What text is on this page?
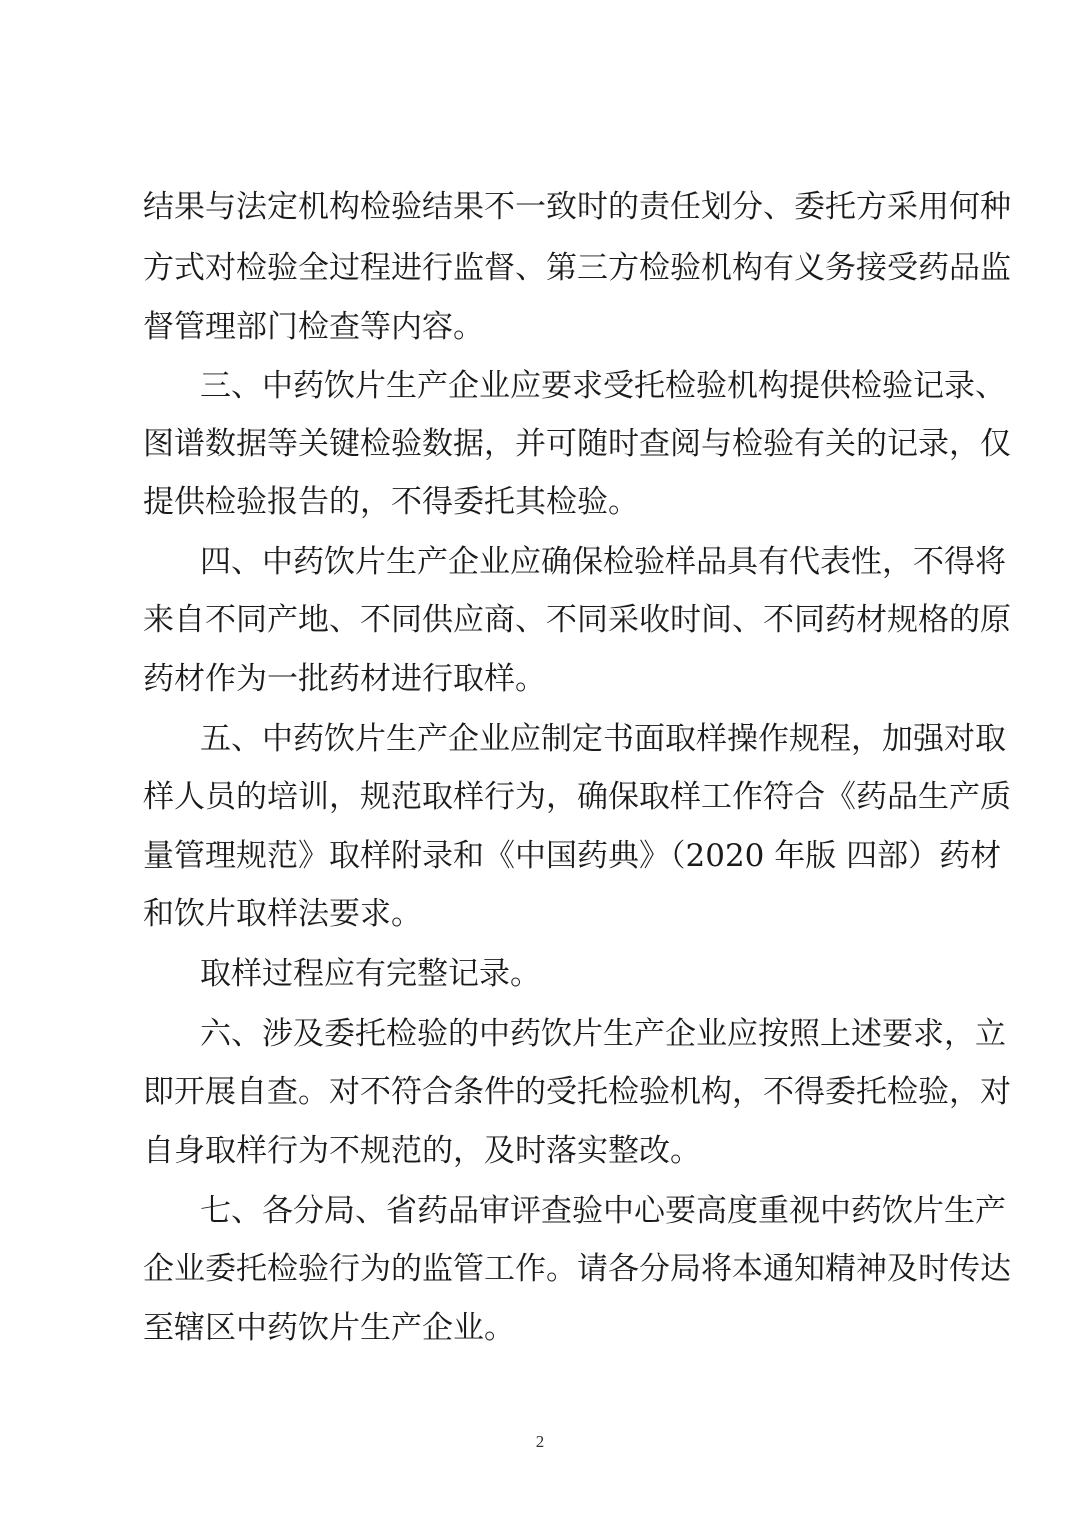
结果与法定机构检验结果不一致时的责任划分、委托方采用何种
方式对检验全过程进行监督、第三方检验机构有义务接受药品监
督管理部门检查等内容。
三、中药饮片生产企业应要求受托检验机构提供检验记录、
图谱数据等关键检验数据，并可随时查阅与检验有关的记录，仅
提供检验报告的，不得委托其检验。
四、中药饮片生产企业应确保检验样品具有代表性，不得将
来自不同产地、不同供应商、不同采收时间、不同药材规格的原
药材作为一批药材进行取样。
五、中药饮片生产企业应制定书面取样操作规程，加强对取
样人员的培训，规范取样行为，确保取样工作符合《药品生产质
量管理规范》取样附录和《中国药典》（2020 年版 四部）药材
和饮片取样法要求。
取样过程应有完整记录。
六、涉及委托检验的中药饮片生产企业应按照上述要求，立
即开展自查。对不符合条件的受托检验机构，不得委托检验，对
自身取样行为不规范的，及时落实整改。
七、各分局、省药品审评查验中心要高度重视中药饮片生产
企业委托检验行为的监管工作。请各分局将本通知精神及时传达
至辖区中药饮片生产企业。
2
